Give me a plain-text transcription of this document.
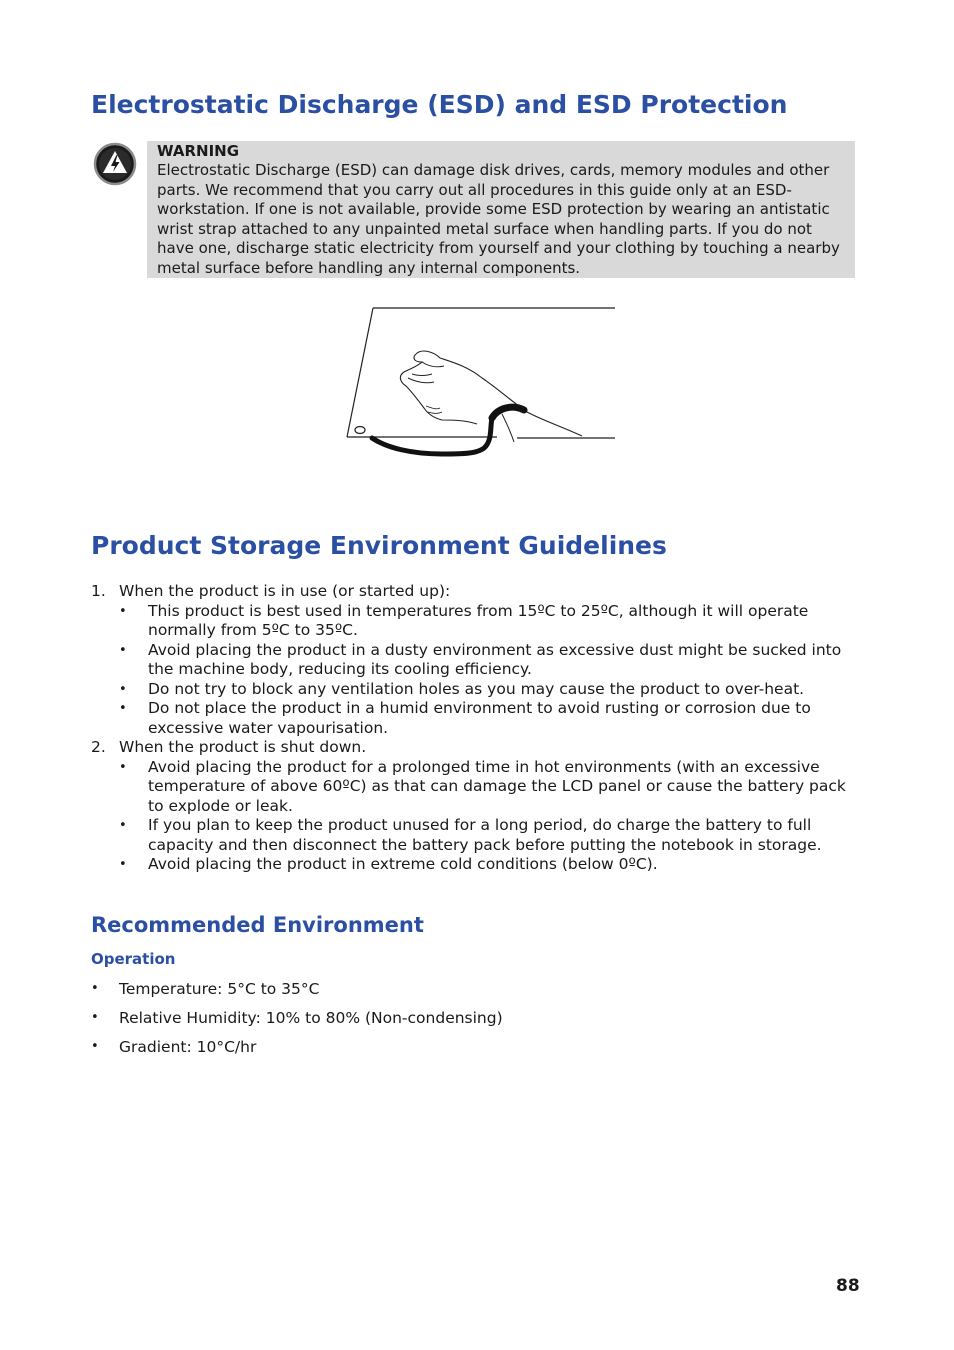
Electrostatic Discharge (ESD) and ESD Protection
WARNING
Electrostatic Discharge (ESD) can damage disk drives, cards, memory modules and other parts. We recommend that you carry out all procedures in this guide only at an ESD-workstation. If one is not available, provide some ESD protection by wearing an antistatic wrist strap attached to any unpainted metal surface when handling parts. If you do not have one, discharge static electricity from yourself and your clothing by touching a nearby metal surface before handling any internal components.
Product Storage Environment Guidelines
1. When the product is in use (or started up):
• This product is best used in temperatures from 15ºC to 25ºC, although it will operate normally from 5ºC to 35ºC.
• Avoid placing the product in a dusty environment as excessive dust might be sucked into the machine body, reducing its cooling efficiency.
• Do not try to block any ventilation holes as you may cause the product to over-heat.
• Do not place the product in a humid environment to avoid rusting or corrosion due to excessive water vapourisation.
2. When the product is shut down.
• Avoid placing the product for a prolonged time in hot environments (with an excessive temperature of above 60ºC) as that can damage the LCD panel or cause the battery pack to explode or leak.
• If you plan to keep the product unused for a long period, do charge the battery to full capacity and then disconnect the battery pack before putting the notebook in storage.
• Avoid placing the product in extreme cold conditions (below 0ºC).
Recommended Environment
Operation
• Temperature: 5°C to 35°C
• Relative Humidity: 10% to 80% (Non-condensing)
• Gradient: 10°C/hr
88
